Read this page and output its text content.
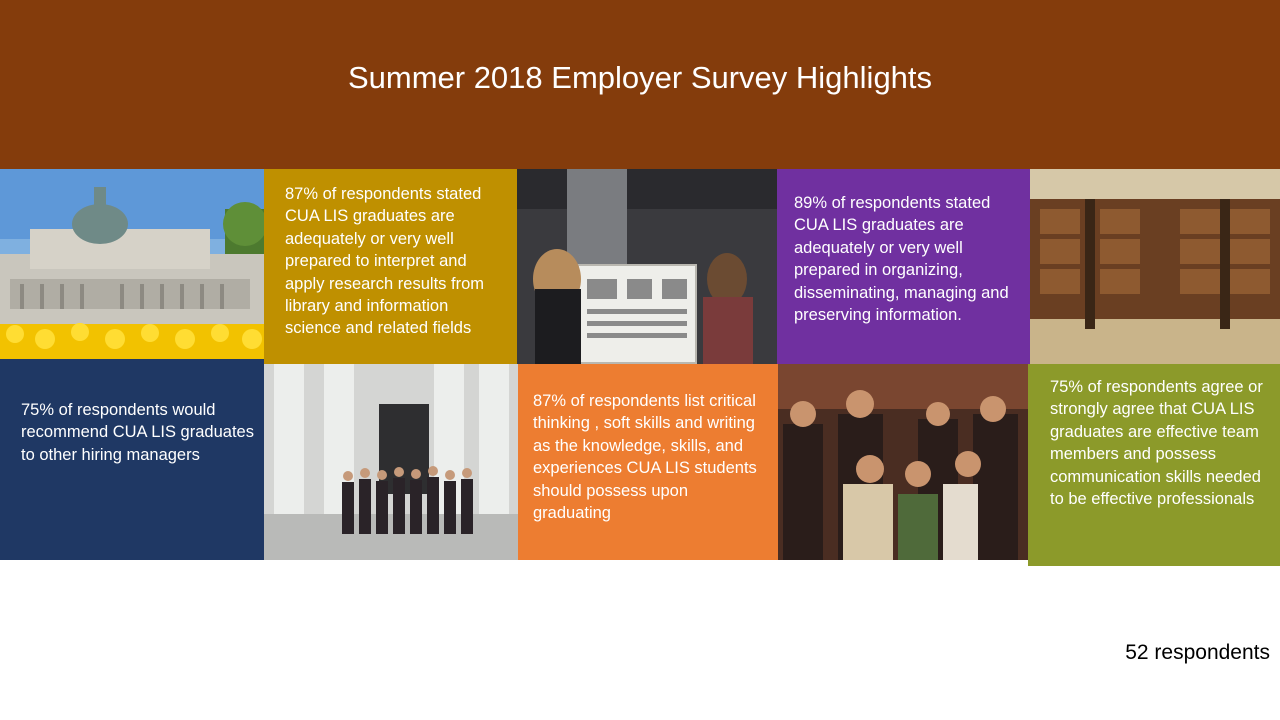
Summer 2018 Employer Survey Highlights
87% of respondents stated CUA LIS graduates are adequately or very well prepared to interpret and apply research results from library and information science and related fields
89% of respondents stated CUA LIS graduates are adequately or very well prepared in organizing, disseminating, managing and preserving information.
75% of respondents would recommend CUA LIS graduates to other hiring managers
87% of respondents list critical thinking , soft skills and writing as the knowledge, skills, and experiences CUA LIS students should possess upon graduating
75% of respondents agree or strongly agree that CUA LIS graduates are effective team members and possess communication skills needed to be effective professionals
52 respondents
